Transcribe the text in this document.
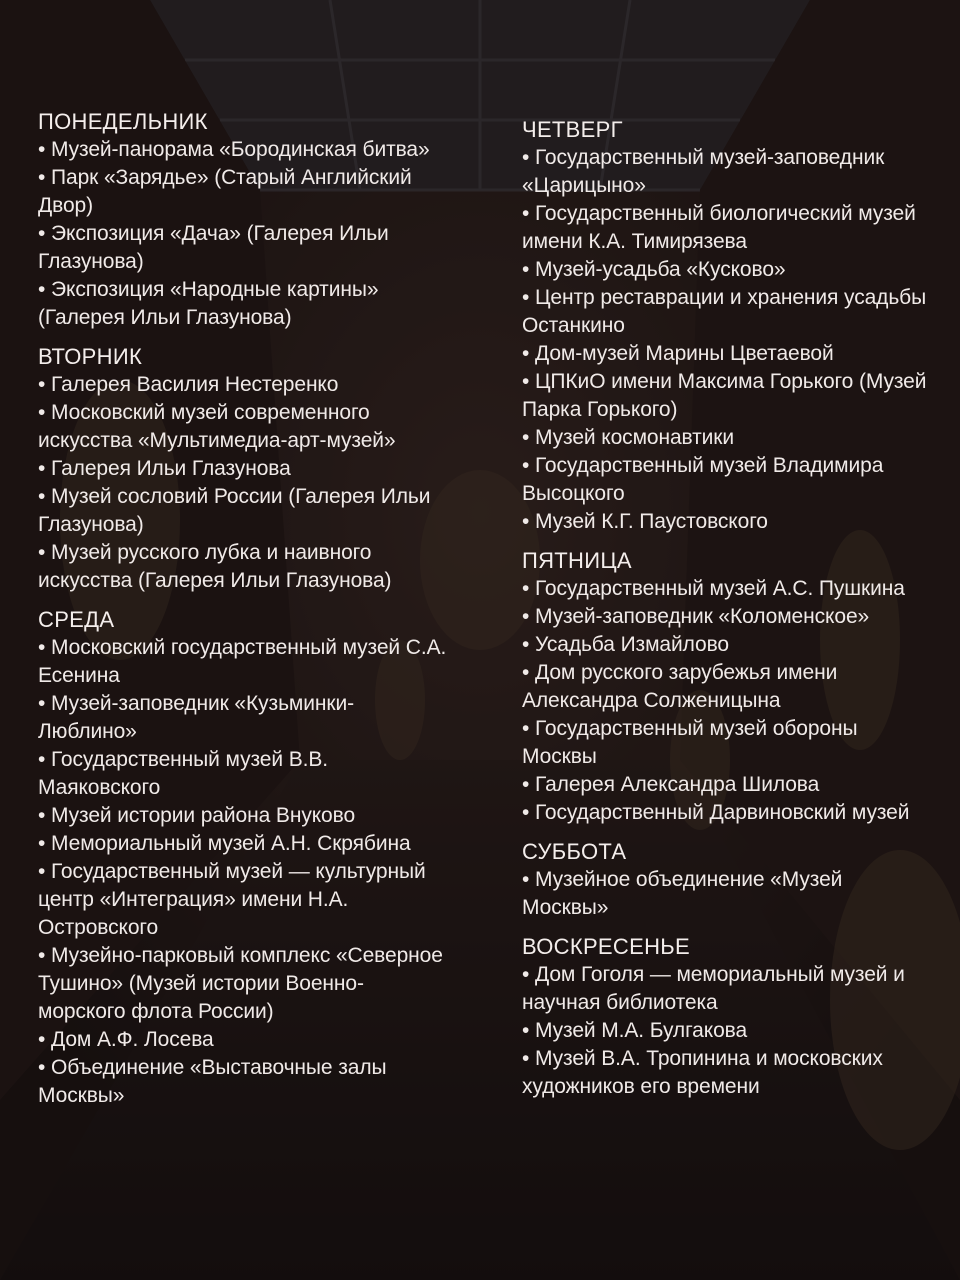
ПОНЕДЕЛЬНИК

• Музей-панорама «Бородинская битва»

• Парк «Зарядье» (Старый Английский Двор)

• Экспозиция «Дача» (Галерея Ильи Глазунова)

• Экспозиция «Народные картины» (Галерея Ильи Глазунова)

ВТОРНИК

• Галерея Василия Нестеренко

• Московский музей современного искусства «Мультимедиа-арт-музей»

• Галерея Ильи Глазунова

• Музей сословий России (Галерея Ильи Глазунова)

• Музей русского лубка и наивного искусства (Галерея Ильи Глазунова)

СРЕДА

• Московский государственный музей С.А. Есенина

• Музей-заповедник «Кузьминки-Люблино»

• Государственный музей В.В. Маяковского

• Музей истории района Внуково

• Мемориальный музей А.Н. Скрябина

• Государственный музей — культурный центр «Интеграция» имени Н.А. Островского

• Музейно-парковый комплекс «Северное Тушино» (Музей истории Военно-морского флота России)

• Дом А.Ф. Лосева

• Объединение «Выставочные залы Москвы»

ЧЕТВЕРГ

• Государственный музей-заповедник «Царицыно»

• Государственный биологический музей имени К.А. Тимирязева

• Музей-усадьба «Кусково»

• Центр реставрации и хранения усадьбы Останкино

• Дом-музей Марины Цветаевой

• ЦПКиО имени Максима Горького (Музей Парка Горького)

• Музей космонавтики

• Государственный музей Владимира Высоцкого

• Музей К.Г. Паустовского

ПЯТНИЦА

• Государственный музей А.С. Пушкина

• Музей-заповедник «Коломенское»

• Усадьба Измайлово

• Дом русского зарубежья имени Александра Солженицына

• Государственный музей обороны Москвы

• Галерея Александра Шилова

• Государственный Дарвиновский музей

СУББОТА

• Музейное объединение «Музей Москвы»

ВОСКРЕСЕНЬЕ

• Дом Гоголя — мемориальный музей и научная библиотека

• Музей М.А. Булгакова

• Музей В.А. Тропинина и московских художников его времени
